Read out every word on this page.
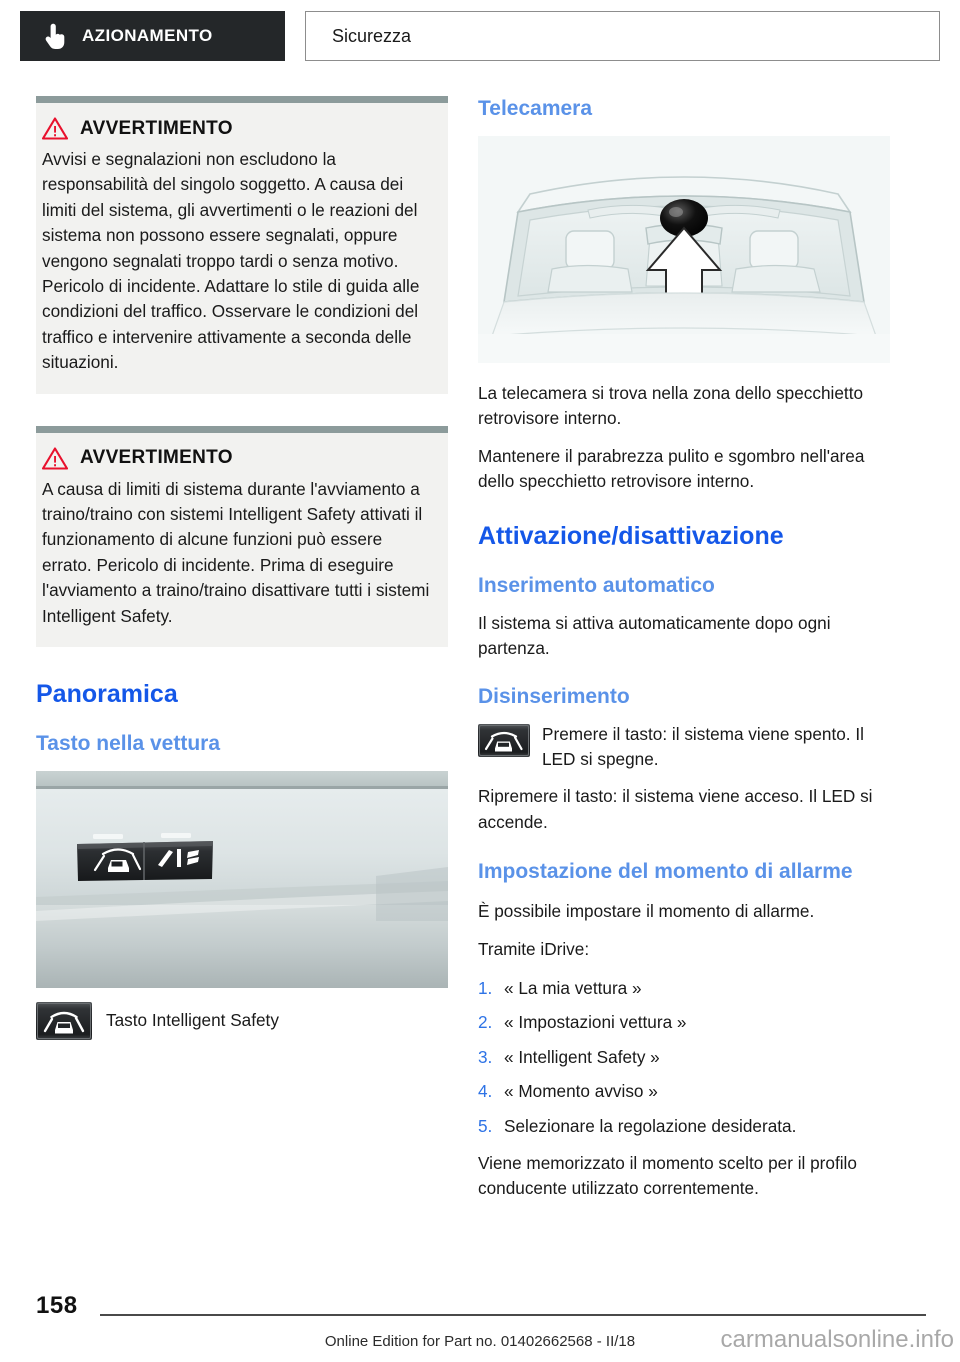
AZIONAMENTO	Sicurezza
AVVERTIMENTO
Avvisi e segnalazioni non escludono la responsabilità del singolo soggetto. A causa dei limiti del sistema, gli avvertimenti o le reazioni del sistema non possono essere segnalati, oppure vengono segnalati troppo tardi o senza motivo. Pericolo di incidente. Adattare lo stile di guida alle condizioni del traffico. Osservare le condizioni del traffico e intervenire attivamente a seconda delle situazioni.
AVVERTIMENTO
A causa di limiti di sistema durante l'avviamento a traino/traino con sistemi Intelligent Safety attivati il funzionamento di alcune funzioni può essere errato. Pericolo di incidente. Prima di eseguire l'avviamento a traino/traino disattivare tutti i sistemi Intelligent Safety.
Panoramica
Tasto nella vettura
Tasto Intelligent Safety
Telecamera

La telecamera si trova nella zona dello specchietto retrovisore interno.

Mantenere il parabrezza pulito e sgombro nell'area dello specchietto retrovisore interno.

Attivazione/disattivazione
Inserimento automatico

Il sistema si attiva automaticamente dopo ogni partenza.

Disinserimento
Premere il tasto: il sistema viene spento. Il LED si spegne.

Ripremere il tasto: il sistema viene acceso. Il LED si accende.

Impostazione del momento di allarme

È possibile impostare il momento di allarme.

Tramite iDrive:

1. « La mia vettura »
2. « Impostazioni vettura »
3. « Intelligent Safety »
4. « Momento avviso »
5. Selezionare la regolazione desiderata.

Viene memorizzato il momento scelto per il profilo conducente utilizzato correntemente.

158
Online Edition for Part no. 01402662568 - II/18	carmanualsonline.info
